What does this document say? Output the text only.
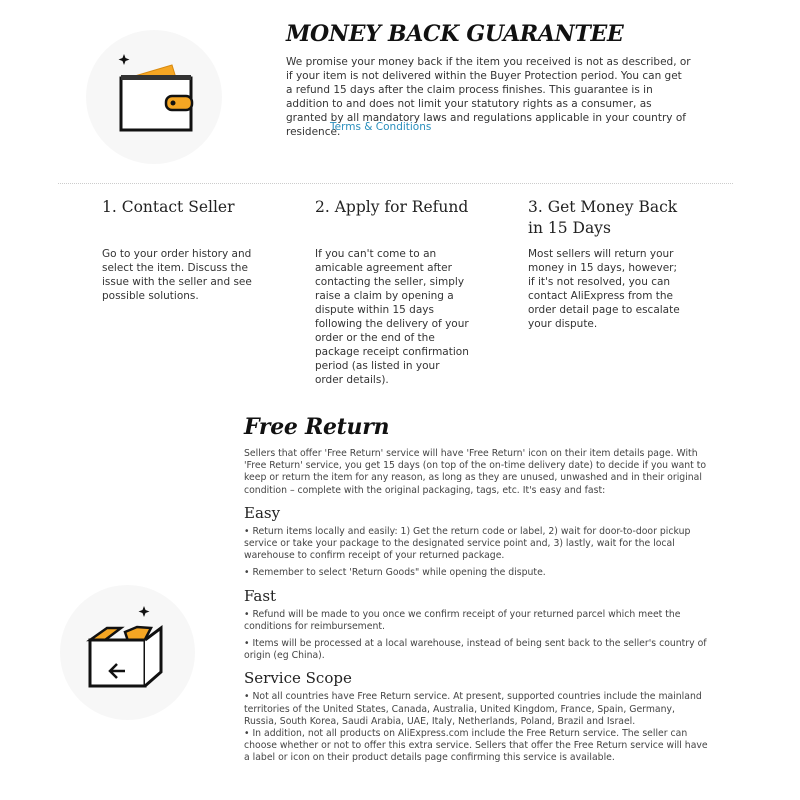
MONEY BACK GUARANTEE
We promise your money back if the item you received is not as described, or if your item is not delivered within the Buyer Protection period. You can get a refund 15 days after the claim process finishes. This guarantee is in addition to and does not limit your statutory rights as a consumer, as granted by all mandatory laws and regulations applicable in your country of residence.
Terms & Conditions
1. Contact Seller

Go to your order history and select the item. Discuss the issue with the seller and see possible solutions.

2. Apply for Refund

If you can't come to an amicable agreement after contacting the seller, simply raise a claim by opening a dispute within 15 days following the delivery of your order or the end of the package receipt confirmation period (as listed in your order details).

3. Get Money Back in 15 Days

Most sellers will return your money in 15 days, however; if it's not resolved, you can contact AliExpress from the order detail page to escalate your dispute.

Free Return

Sellers that offer 'Free Return' service will have 'Free Return' icon on their item details page. With 'Free Return' service, you get 15 days (on top of the on-time delivery date) to decide if you want to keep or return the item for any reason, as long as they are unused, unwashed and in their original condition – complete with the original packaging, tags, etc. It's easy and fast:

Easy

• Return items locally and easily: 1) Get the return code or label, 2) wait for door-to-door pickup service or take your package to the designated service point and, 3) lastly, wait for the local warehouse to confirm receipt of your returned package.

• Remember to select 'Return Goods" while opening the dispute.

Fast

• Refund will be made to you once we confirm receipt of your returned parcel which meet the conditions for reimbursement.

• Items will be processed at a local warehouse, instead of being sent back to the seller's country of origin (eg China).

Service Scope

• Not all countries have Free Return service. At present, supported countries include the mainland territories of the United States, Canada, Australia, United Kingdom, France, Spain, Germany, Russia, South Korea, Saudi Arabia, UAE, Italy, Netherlands, Poland, Brazil and Israel.

• In addition, not all products on AliExpress.com include the Free Return service. The seller can choose whether or not to offer this extra service. Sellers that offer the Free Return service will have a label or icon on their product details page confirming this service is available.
